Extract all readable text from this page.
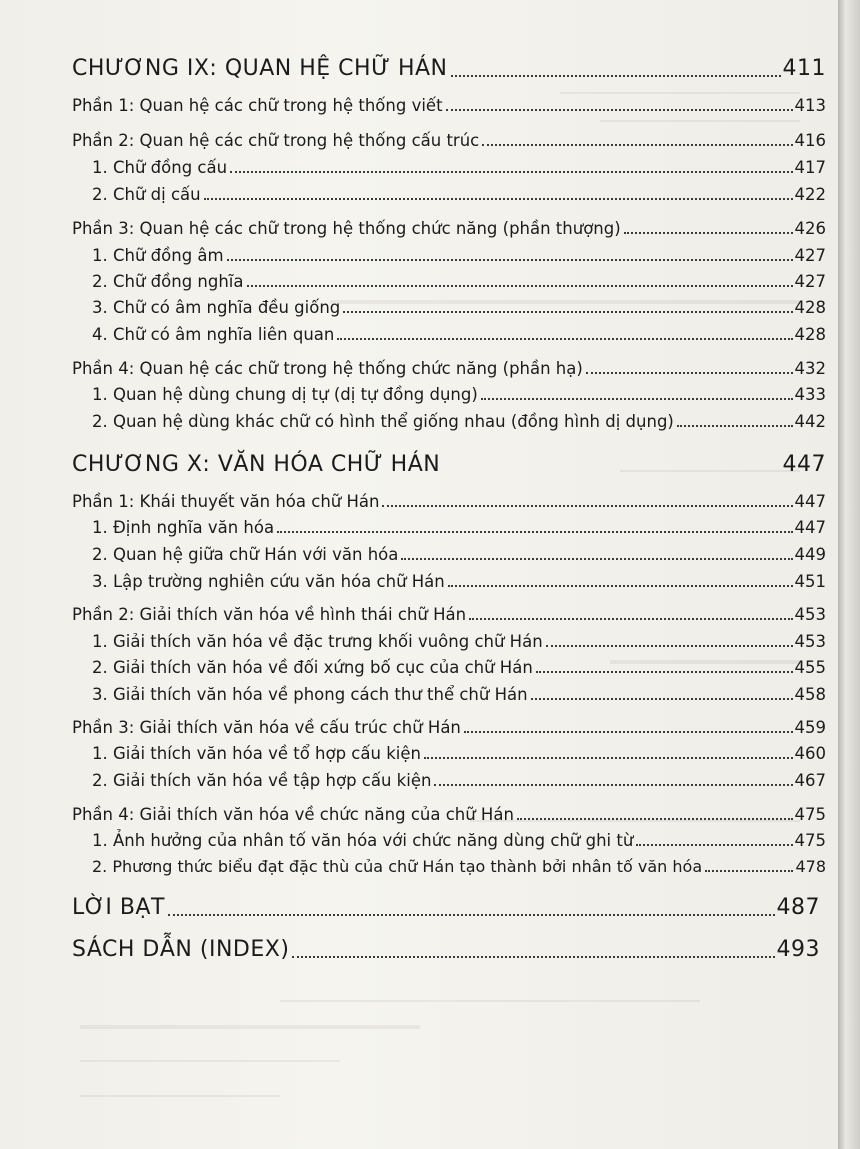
CHƯƠNG IX: QUAN HỆ CHỮ HÁN	411
Phần 1: Quan hệ các chữ trong hệ thống viết	413
Phần 2: Quan hệ các chữ trong hệ thống cấu trúc	416
1. Chữ đồng cấu	417
2. Chữ dị cấu	422
Phần 3: Quan hệ các chữ trong hệ thống chức năng (phần thượng)	426
1. Chữ đồng âm	427
2. Chữ đồng nghĩa	427
3. Chữ có âm nghĩa đều giống	428
4. Chữ có âm nghĩa liên quan	428
Phần 4: Quan hệ các chữ trong hệ thống chức năng (phần hạ)	432
1. Quan hệ dùng chung dị tự (dị tự đồng dụng)	433
2. Quan hệ dùng khác chữ có hình thể giống nhau (đồng hình dị dụng)	442
CHƯƠNG X: VĂN HÓA CHỮ HÁN	447
Phần 1: Khái thuyết văn hóa chữ Hán	447
1. Định nghĩa văn hóa	447
2. Quan hệ giữa chữ Hán với văn hóa	449
3. Lập trường nghiên cứu văn hóa chữ Hán	451
Phần 2: Giải thích văn hóa về hình thái chữ Hán	453
1. Giải thích văn hóa về đặc trưng khối vuông chữ Hán	453
2. Giải thích văn hóa về đối xứng bố cục của chữ Hán	455
3. Giải thích văn hóa về phong cách thư thể chữ Hán	458
Phần 3: Giải thích văn hóa về cấu trúc chữ Hán	459
1. Giải thích văn hóa về tổ hợp cấu kiện	460
2. Giải thích văn hóa về tập hợp cấu kiện	467
Phần 4: Giải thích văn hóa về chức năng của chữ Hán	475
1. Ảnh hưởng của nhân tố văn hóa với chức năng dùng chữ ghi từ	475
2. Phương thức biểu đạt đặc thù của chữ Hán tạo thành bởi nhân tố văn hóa	478
LỜI BẠT	487
SÁCH DẪN (INDEX)	493
